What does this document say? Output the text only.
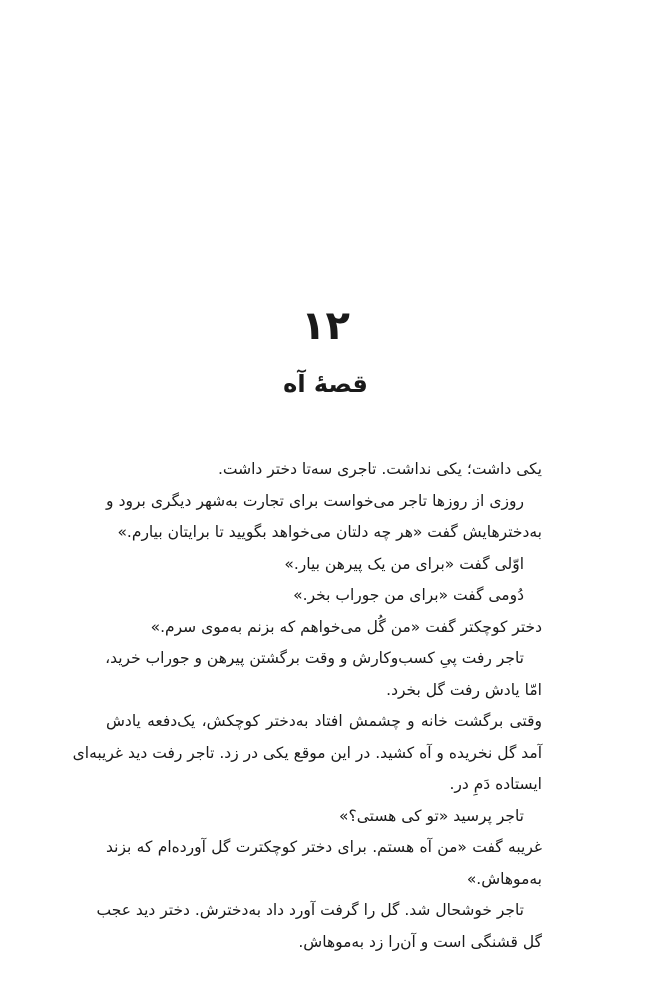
۱۲
قصهٔ آه
یکی داشت؛ یکی نداشت. تاجری سه‌تا دختر داشت.
روزی از روزها تاجر می‌خواست برای تجارت به‌شهر دیگری برود و
به‌دخترهایش گفت «هر چه دلتان می‌خواهد بگویید تا برایتان بیارم.»
اوّلی گفت «برای من یک پیرهن بیار.»
دُومی گفت «برای من جوراب بخر.»
دختر کوچکتر گفت «من گُل می‌خواهم که بزنم به‌موی سرم.»
تاجر رفت پیِ کسب‌وکارش و وقت برگشتن پیرهن و جوراب خرید،
امّا یادش رفت گل بخرد.
وقتی برگشت خانه و چشمش افتاد به‌دختر کوچکش، یک‌دفعه یادش
آمد گل نخریده و آه کشید. در این موقع یکی در زد. تاجر رفت دید غریبه‌ای
ایستاده دَمِ در.
تاجر پرسید «تو کی هستی؟»
غریبه گفت «من آه هستم. برای دختر کوچکترت گل آورده‌ام که بزند
به‌موهاش.»
تاجر خوشحال شد. گل را گرفت آورد داد به‌دخترش. دختر دید عجب
گل قشنگی است و آن‌را زد به‌موهاش.
